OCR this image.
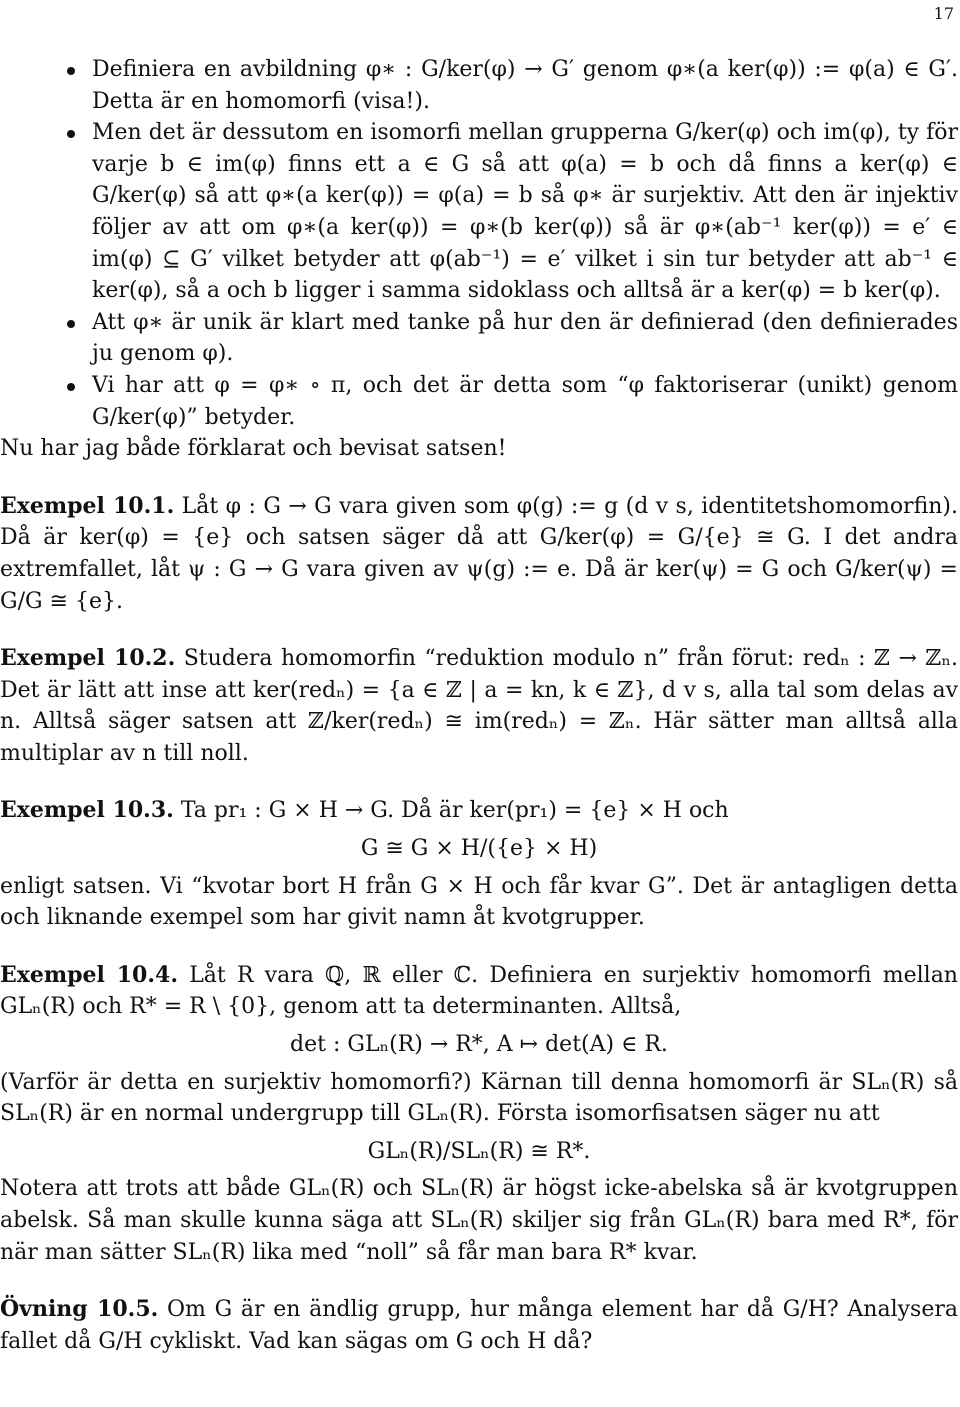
17
Definiera en avbildning φ∗ : G/ker(φ) → G′ genom φ∗(a ker(φ)) := φ(a) ∈ G′. Detta är en homomorfi (visa!).
Men det är dessutom en isomorfi mellan grupperna G/ker(φ) och im(φ), ty för varje b ∈ im(φ) finns ett a ∈ G så att φ(a) = b och då finns a ker(φ) ∈ G/ker(φ) så att φ∗(a ker(φ)) = φ(a) = b så φ∗ är surjektiv. Att den är injektiv följer av att om φ∗(a ker(φ)) = φ∗(b ker(φ)) så är φ∗(ab⁻¹ ker(φ)) = e′ ∈ im(φ) ⊆ G′ vilket betyder att φ(ab⁻¹) = e′ vilket i sin tur betyder att ab⁻¹ ∈ ker(φ), så a och b ligger i samma sidoklass och alltså är a ker(φ) = b ker(φ).
Att φ∗ är unik är klart med tanke på hur den är definierad (den definierades ju genom φ).
Vi har att φ = φ∗ ∘ π, och det är detta som “φ faktoriserar (unikt) genom G/ker(φ)” betyder.

Nu har jag både förklarat och bevisat satsen!

Exempel 10.1. Låt φ : G → G vara given som φ(g) := g (d v s, identitetshomomorfin). Då är ker(φ) = {e} och satsen säger då att G/ker(φ) = G/{e} ≅ G. I det andra extremfallet, låt ψ : G → G vara given av ψ(g) := e. Då är ker(ψ) = G och G/ker(ψ) = G/G ≅ {e}.

Exempel 10.2. Studera homomorfin “reduktion modulo n” från förut: redₙ : ℤ → ℤₙ. Det är lätt att inse att ker(redₙ) = {a ∈ ℤ | a = kn, k ∈ ℤ}, d v s, alla tal som delas av n. Alltså säger satsen att ℤ/ker(redₙ) ≅ im(redₙ) = ℤₙ. Här sätter man alltså alla multiplar av n till noll.

Exempel 10.3. Ta pr₁ : G × H → G. Då är ker(pr₁) = {e} × H och

G ≅ G × H/({e} × H)

enligt satsen. Vi “kvotar bort H från G × H och får kvar G”. Det är antagligen detta och liknande exempel som har givit namn åt kvotgrupper.

Exempel 10.4. Låt R vara ℚ, ℝ eller ℂ. Definiera en surjektiv homomorfi mellan GLₙ(R) och R* = R \ {0}, genom att ta determinanten. Alltså,

det : GLₙ(R) → R*, A ↦ det(A) ∈ R.

(Varför är detta en surjektiv homomorfi?) Kärnan till denna homomorfi är SLₙ(R) så SLₙ(R) är en normal undergrupp till GLₙ(R). Första isomorfisatsen säger nu att

GLₙ(R)/SLₙ(R) ≅ R*.

Notera att trots att både GLₙ(R) och SLₙ(R) är högst icke-abelska så är kvotgruppen abelsk. Så man skulle kunna säga att SLₙ(R) skiljer sig från GLₙ(R) bara med R*, för när man sätter SLₙ(R) lika med “noll” så får man bara R* kvar.

Övning 10.5. Om G är en ändlig grupp, hur många element har då G/H? Analysera fallet då G/H cykliskt. Vad kan sägas om G och H då?
